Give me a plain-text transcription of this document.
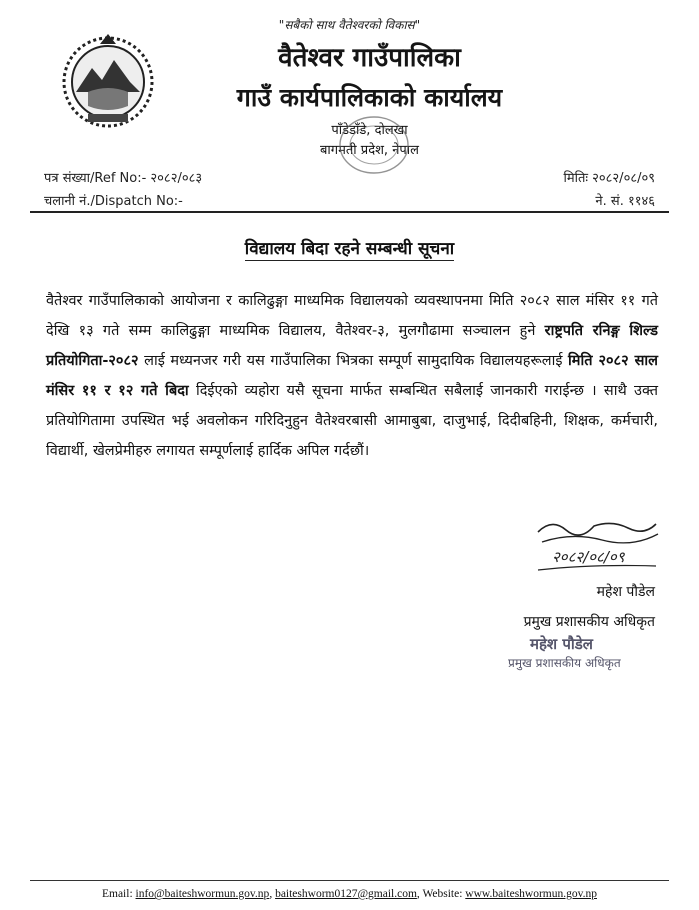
"सबैको साथ वैतेश्वरको विकास"
वैतेश्वर गाउँपालिका
गाउँ कार्यपालिकाको कार्यालय
पाँडेडाँडे, दोलखा
बागमती प्रदेश, नेपाल
पत्र संख्या/Ref No:- २०८२/०८३
चलानी नं./Dispatch No:-
मितिः २०८२/०८/०९
ने. सं. ११४६
विद्यालय बिदा रहने सम्बन्धी सूचना
वैतेश्वर गाउँपालिकाको आयोजना र कालिढुङ्गा माध्यमिक विद्यालयको व्यवस्थापनमा मिति २०८२ साल मंसिर ११ गते देखि १३ गते सम्म कालिढुङ्गा माध्यमिक विद्यालय, वैतेश्वर-३, मुलगौढामा सञ्चालन हुने राष्ट्रपति रनिङ्ग शिल्ड प्रतियोगिता-२०८२ लाई मध्यनजर गरी यस गाउँपालिका भित्रका सम्पूर्ण सामुदायिक विद्यालयहरूलाई मिति २०८२ साल मंसिर ११ र १२ गते बिदा दिईएको व्यहोरा यसै सूचना मार्फत सम्बन्धित सबैलाई जानकारी गराईन्छ । साथै उक्त प्रतियोगितामा उपस्थित भई अवलोकन गरिदिनुहुन वैतेश्वरबासी आमाबुबा, दाजुभाई, दिदीबहिनी, शिक्षक, कर्मचारी, विद्यार्थी, खेलप्रेमीहरु लगायत सम्पूर्णलाई हार्दिक अपिल गर्दछौं।
२०८२/०८/०९
महेश पौडेल
प्रमुख प्रशासकीय अधिकृत
महेश पौडेल
प्रमुख प्रशासकीय अधिकृत
Email: info@baiteshwormun.gov.np, baiteshworm0127@gmail.com, Website: www.baiteshwormun.gov.np
